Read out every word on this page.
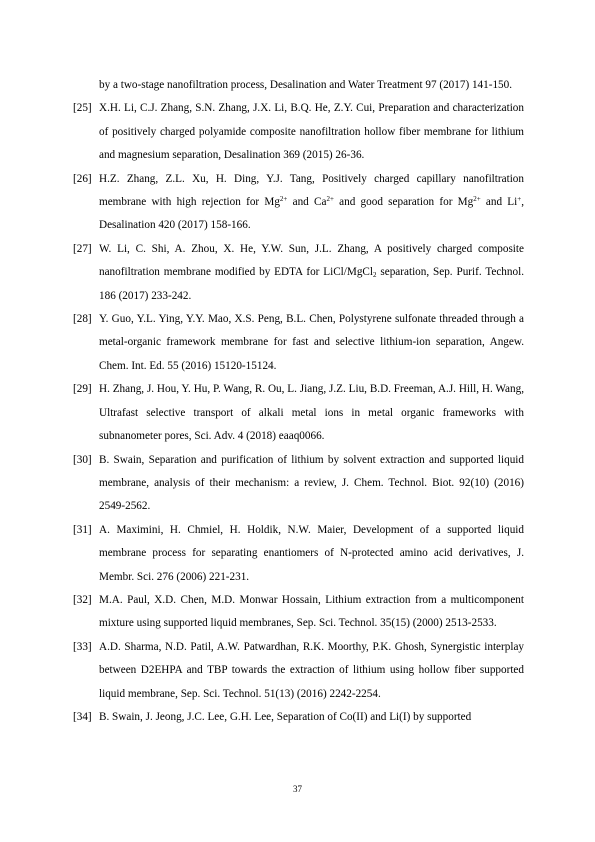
by a two-stage nanofiltration process, Desalination and Water Treatment 97 (2017) 141-150.

[25] X.H. Li, C.J. Zhang, S.N. Zhang, J.X. Li, B.Q. He, Z.Y. Cui, Preparation and characterization of positively charged polyamide composite nanofiltration hollow fiber membrane for lithium and magnesium separation, Desalination 369 (2015) 26-36.

[26] H.Z. Zhang, Z.L. Xu, H. Ding, Y.J. Tang, Positively charged capillary nanofiltration membrane with high rejection for $Mg^{2+}$ and $Ca^{2+}$ and good separation for $Mg^{2+}$ and Li+, Desalination 420 (2017) 158-166.

[27] W. Li, C. Shi, A. Zhou, X. He, Y.W. Sun, J.L. Zhang, A positively charged composite nanofiltration membrane modified by EDTA for LiCl/MgCl$_2$ separation, Sep. Purif. Technol. 186 (2017) 233-242.

[28] Y. Guo, Y.L. Ying, Y.Y. Mao, X.S. Peng, B.L. Chen, Polystyrene sulfonate threaded through a metal-organic framework membrane for fast and selective lithium-ion separation, Angew. Chem. Int. Ed. 55 (2016) 15120-15124.

[29] H. Zhang, J. Hou, Y. Hu, P. Wang, R. Ou, L. Jiang, J.Z. Liu, B.D. Freeman, A.J. Hill, H. Wang, Ultrafast selective transport of alkali metal ions in metal organic frameworks with subnanometer pores, Sci. Adv. 4 (2018) eaaq0066.

[30] B. Swain, Separation and purification of lithium by solvent extraction and supported liquid membrane, analysis of their mechanism: a review, J. Chem. Technol. Biot. 92(10) (2016) 2549-2562.

[31] A. Maximini, H. Chmiel, H. Holdik, N.W. Maier, Development of a supported liquid membrane process for separating enantiomers of N-protected amino acid derivatives, J. Membr. Sci. 276 (2006) 221-231.

[32] M.A. Paul, X.D. Chen, M.D. Monwar Hossain, Lithium extraction from a multicomponent mixture using supported liquid membranes, Sep. Sci. Technol. 35(15) (2000) 2513-2533.

[33] A.D. Sharma, N.D. Patil, A.W. Patwardhan, R.K. Moorthy, P.K. Ghosh, Synergistic interplay between D2EHPA and TBP towards the extraction of lithium using hollow fiber supported liquid membrane, Sep. Sci. Technol. 51(13) (2016) 2242-2254.

[34] B. Swain, J. Jeong, J.C. Lee, G.H. Lee, Separation of Co(II) and Li(I) by supported

37
